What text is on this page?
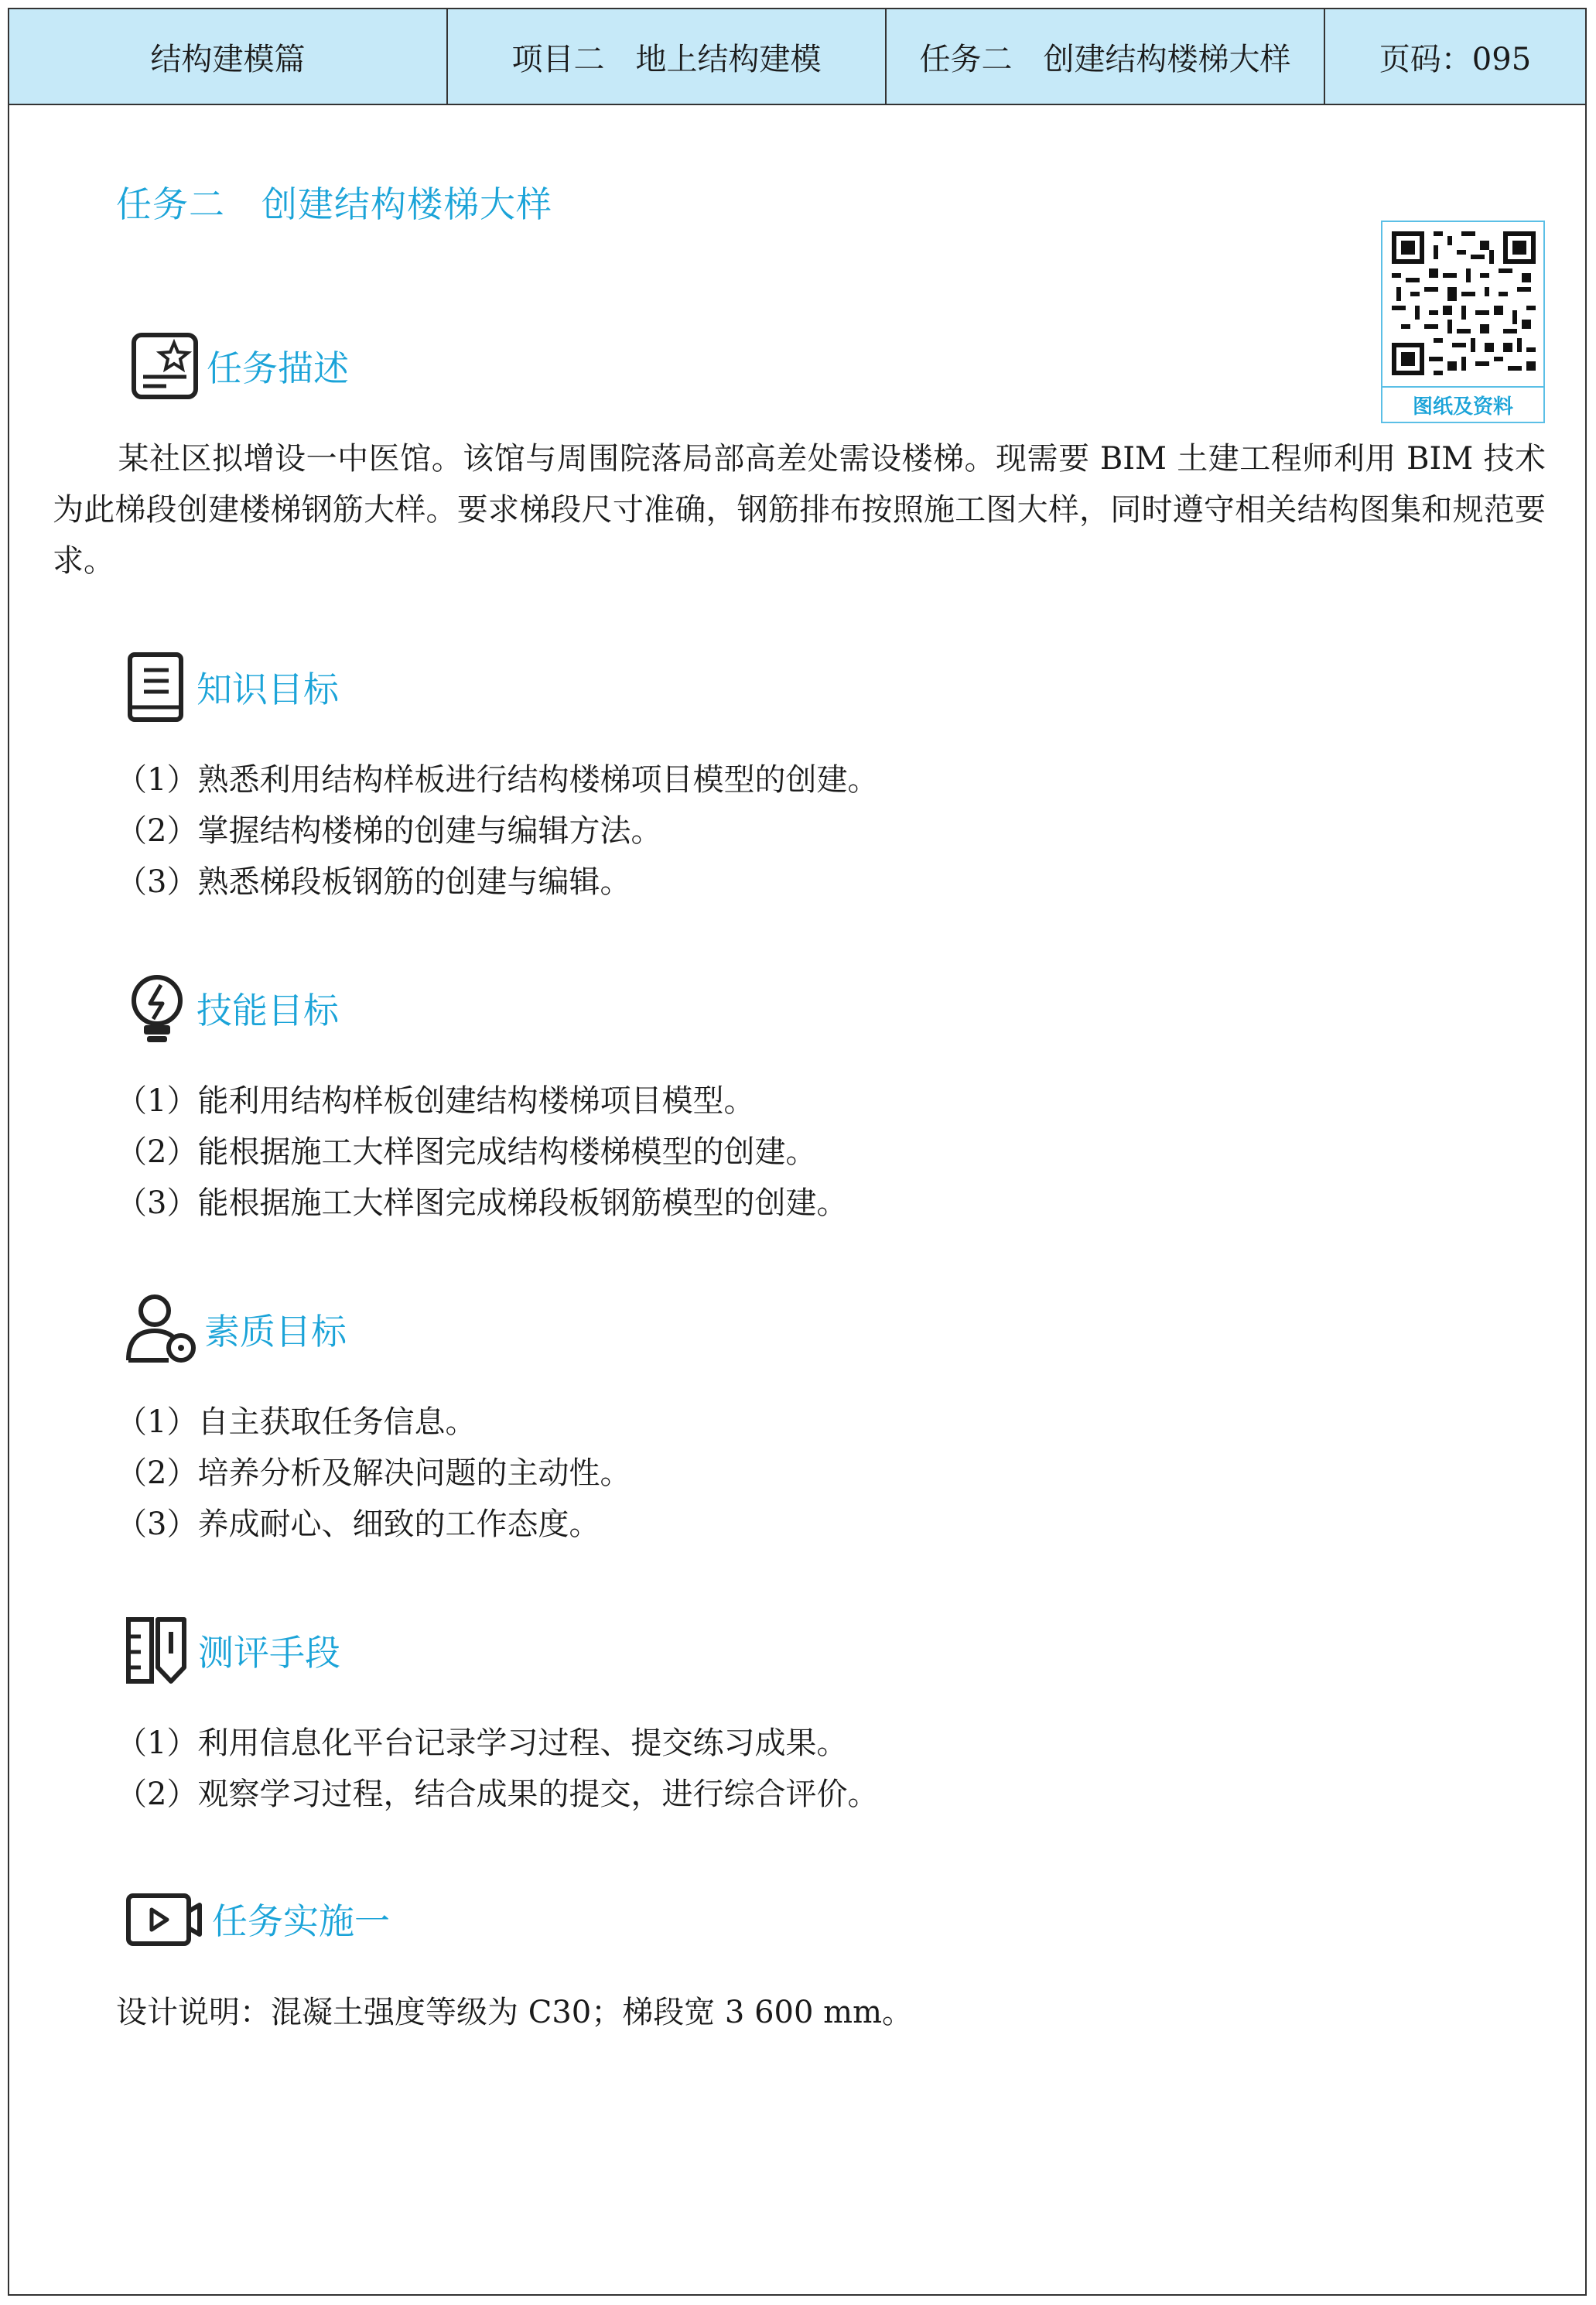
结构建模篇	项目二　地上结构建模	任务二　创建结构楼梯大样	页码：095
任务二　创建结构楼梯大样
图纸及资料
任务描述
某社区拟增设一中医馆。该馆与周围院落局部高差处需设楼梯。现需要 BIM 土建工程师利用 BIM 技术为此梯段创建楼梯钢筋大样。要求梯段尺寸准确，钢筋排布按照施工图大样，同时遵守相关结构图集和规范要求。
知识目标
（1）熟悉利用结构样板进行结构楼梯项目模型的创建。
（2）掌握结构楼梯的创建与编辑方法。
（3）熟悉梯段板钢筋的创建与编辑。
技能目标
（1）能利用结构样板创建结构楼梯项目模型。
（2）能根据施工大样图完成结构楼梯模型的创建。
（3）能根据施工大样图完成梯段板钢筋模型的创建。
素质目标
（1）自主获取任务信息。
（2）培养分析及解决问题的主动性。
（3）养成耐心、细致的工作态度。
测评手段
（1）利用信息化平台记录学习过程、提交练习成果。
（2）观察学习过程，结合成果的提交，进行综合评价。
任务实施一
设计说明：混凝土强度等级为 C30；梯段宽 3 600 mm。
